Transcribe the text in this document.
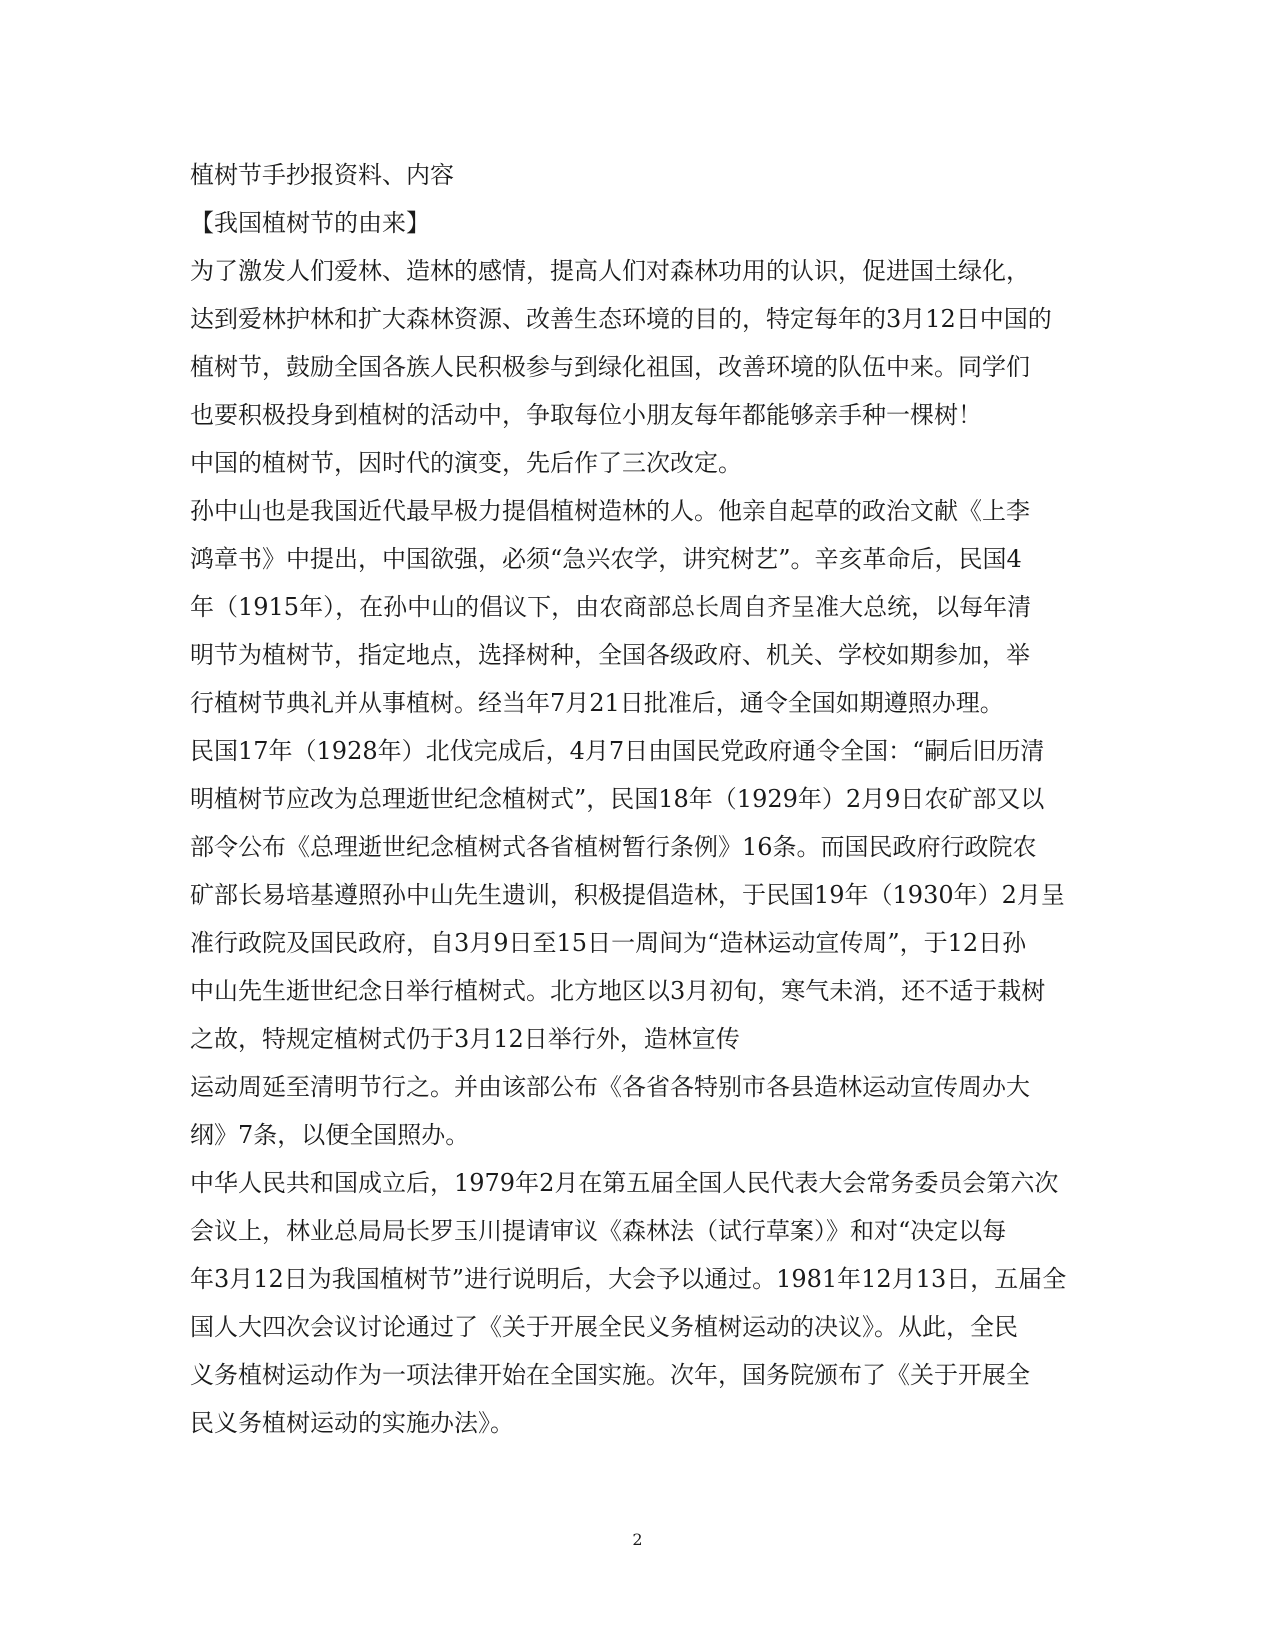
植树节手抄报资料、内容
【我国植树节的由来】
为了激发人们爱林、造林的感情，提高人们对森林功用的认识，促进国土绿化，
达到爱林护林和扩大森林资源、改善生态环境的目的，特定每年的3月12日中国的
植树节，鼓励全国各族人民积极参与到绿化祖国，改善环境的队伍中来。同学们
也要积极投身到植树的活动中，争取每位小朋友每年都能够亲手种一棵树！
中国的植树节，因时代的演变，先后作了三次改定。
孙中山也是我国近代最早极力提倡植树造林的人。他亲自起草的政治文献《上李
鸿章书》中提出，中国欲强，必须“急兴农学，讲究树艺”。辛亥革命后，民国4
年（1915年），在孙中山的倡议下，由农商部总长周自齐呈准大总统，以每年清
明节为植树节，指定地点，选择树种，全国各级政府、机关、学校如期参加，举
行植树节典礼并从事植树。经当年7月21日批准后，通令全国如期遵照办理。
民国17年（1928年）北伐完成后，4月7日由国民党政府通令全国：“嗣后旧历清
明植树节应改为总理逝世纪念植树式”，民国18年（1929年）2月9日农矿部又以
部令公布《总理逝世纪念植树式各省植树暂行条例》16条。而国民政府行政院农
矿部长易培基遵照孙中山先生遗训，积极提倡造林，于民国19年（1930年）2月呈
准行政院及国民政府，自3月9日至15日一周间为“造林运动宣传周”，于12日孙
中山先生逝世纪念日举行植树式。北方地区以3月初旬，寒气未消，还不适于栽树
之故，特规定植树式仍于3月12日举行外，造林宣传
运动周延至清明节行之。并由该部公布《各省各特别市各县造林运动宣传周办大
纲》7条，以便全国照办。
中华人民共和国成立后，1979年2月在第五届全国人民代表大会常务委员会第六次
会议上，林业总局局长罗玉川提请审议《森林法（试行草案）》和对“决定以每
年3月12日为我国植树节”进行说明后，大会予以通过。1981年12月13日，五届全
国人大四次会议讨论通过了《关于开展全民义务植树运动的决议》。从此，全民
义务植树运动作为一项法律开始在全国实施。次年，国务院颁布了《关于开展全
民义务植树运动的实施办法》。
2
